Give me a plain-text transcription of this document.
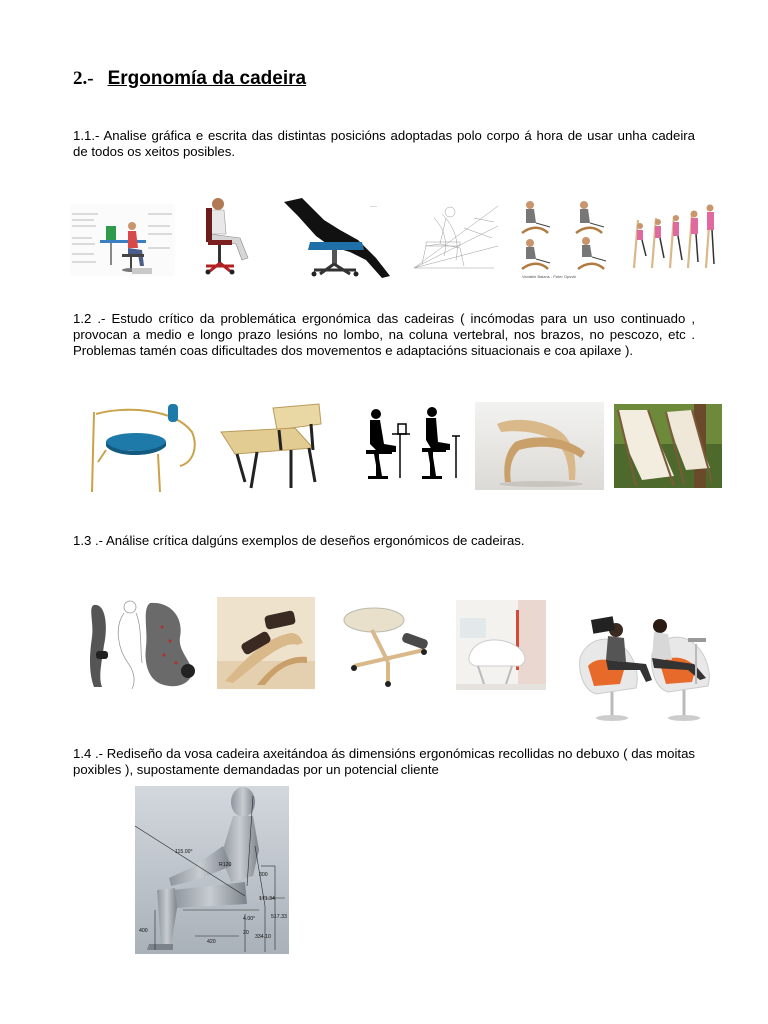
2.- Ergonomía da cadeira
1.1.- Analise gráfica e escrita das distintas posicións adoptadas polo corpo á hora de usar unha cadeira de todos os xeitos posibles.
~~~
Variable Balans - Peter Opsvik
1.2 .- Estudo crítico da problemática ergonómica das cadeiras ( incómodas para un uso continuado , provocan a medio e longo prazo lesións no lombo, na coluna vertebral, nos brazos, no pescozo, etc . Problemas tamén coas dificultades dos movementos e adaptacións situacionais e coa apilaxe ).
1.3 .- Análise crítica dalgúns exemplos de deseños ergonómicos de cadeiras.
1.4 .- Rediseño da vosa cadeira axeitándoa ás dimensións ergonómicas recollidas no debuxo ( das moitas poxibles ), supostamente demandadas por un potencial cliente
115.00°
R120
300
171.34
4.00°	517.33
400
420
20
334.10
